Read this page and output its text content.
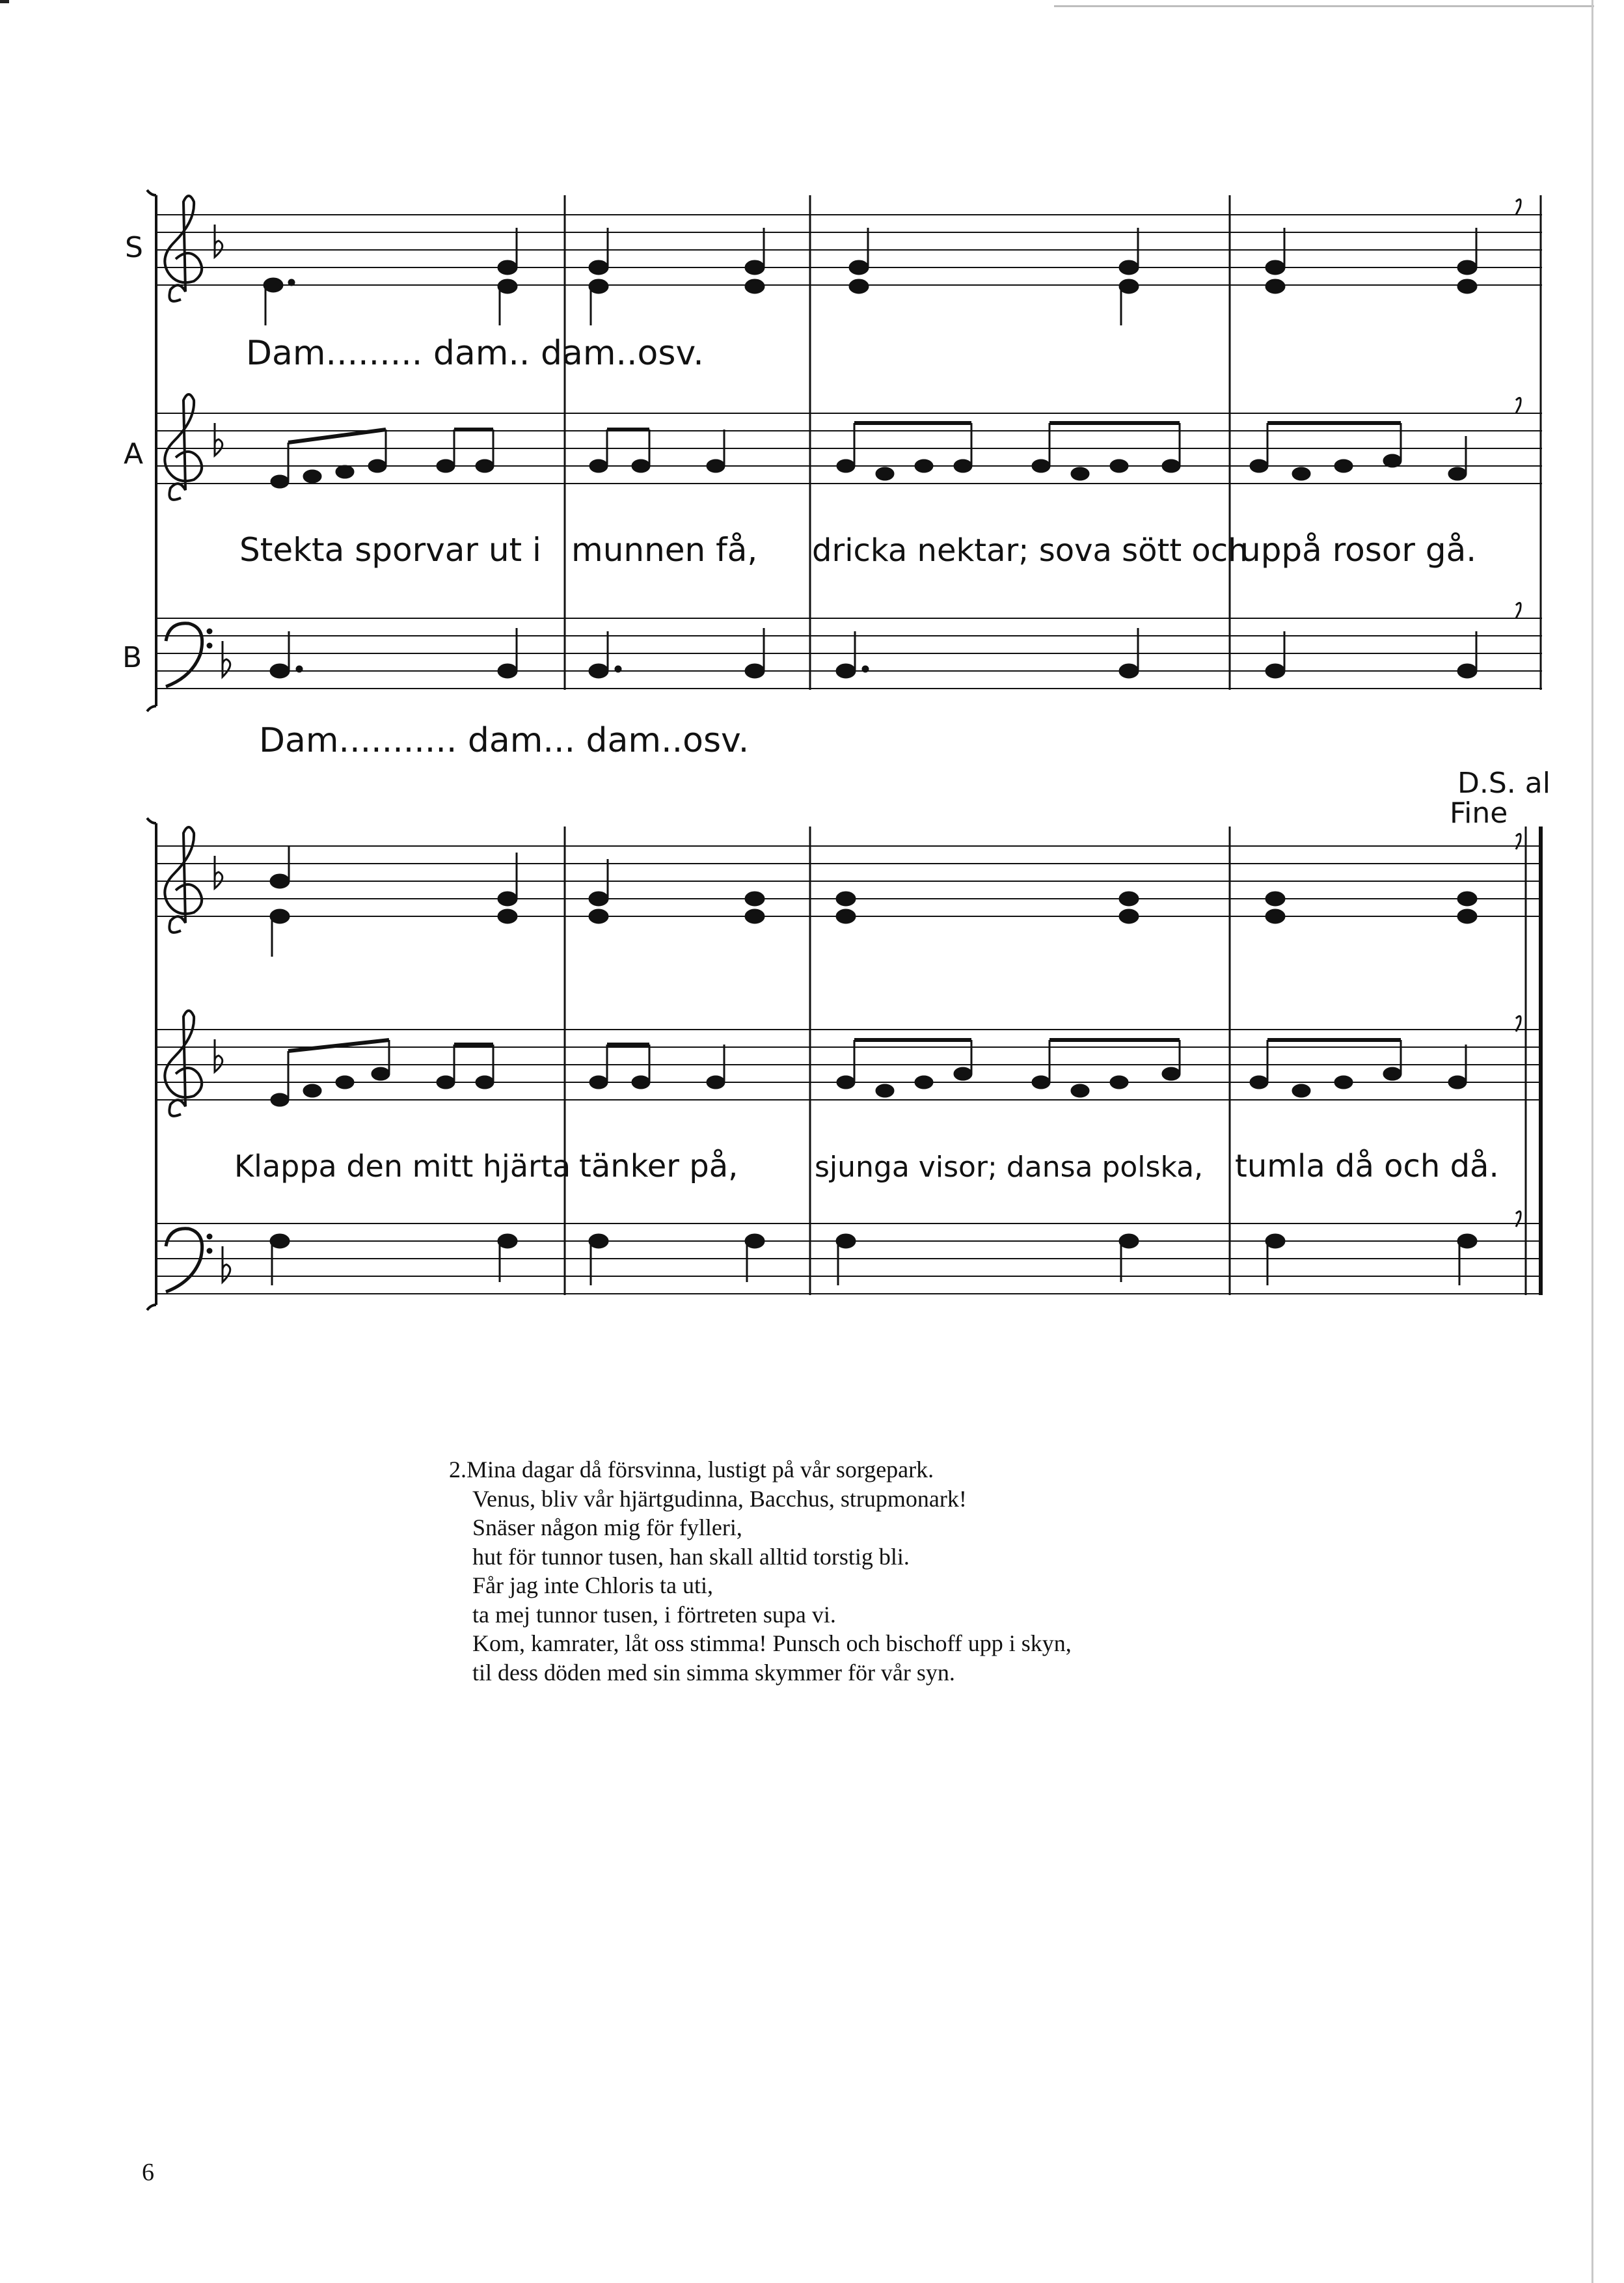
S
A
B
Dam......... dam.. dam..osv.
Stekta sporvar ut i munnen få, dricka nektar; sova sött och
uppå rosor gå.
Dam........... dam... dam..osv.
D.S. al
Fine
Klappa den mitt hjärta tänker på,	sjunga visor; dansa polska, tumla då och då.
2.Mina dagar då försvinna, lustigt på vår sorgepark.
Venus, bliv vår hjärtgudinna, Bacchus, strupmonark!
Snäser någon mig för fylleri,
hut för tunnor tusen, han skall alltid torstig bli.
Får jag inte Chloris ta uti,
ta mej tunnor tusen, i förtreten supa vi.
Kom, kamrater, låt oss stimma! Punsch och bischoff upp i skyn,
til dess döden med sin simma skymmer för vår syn.
6
